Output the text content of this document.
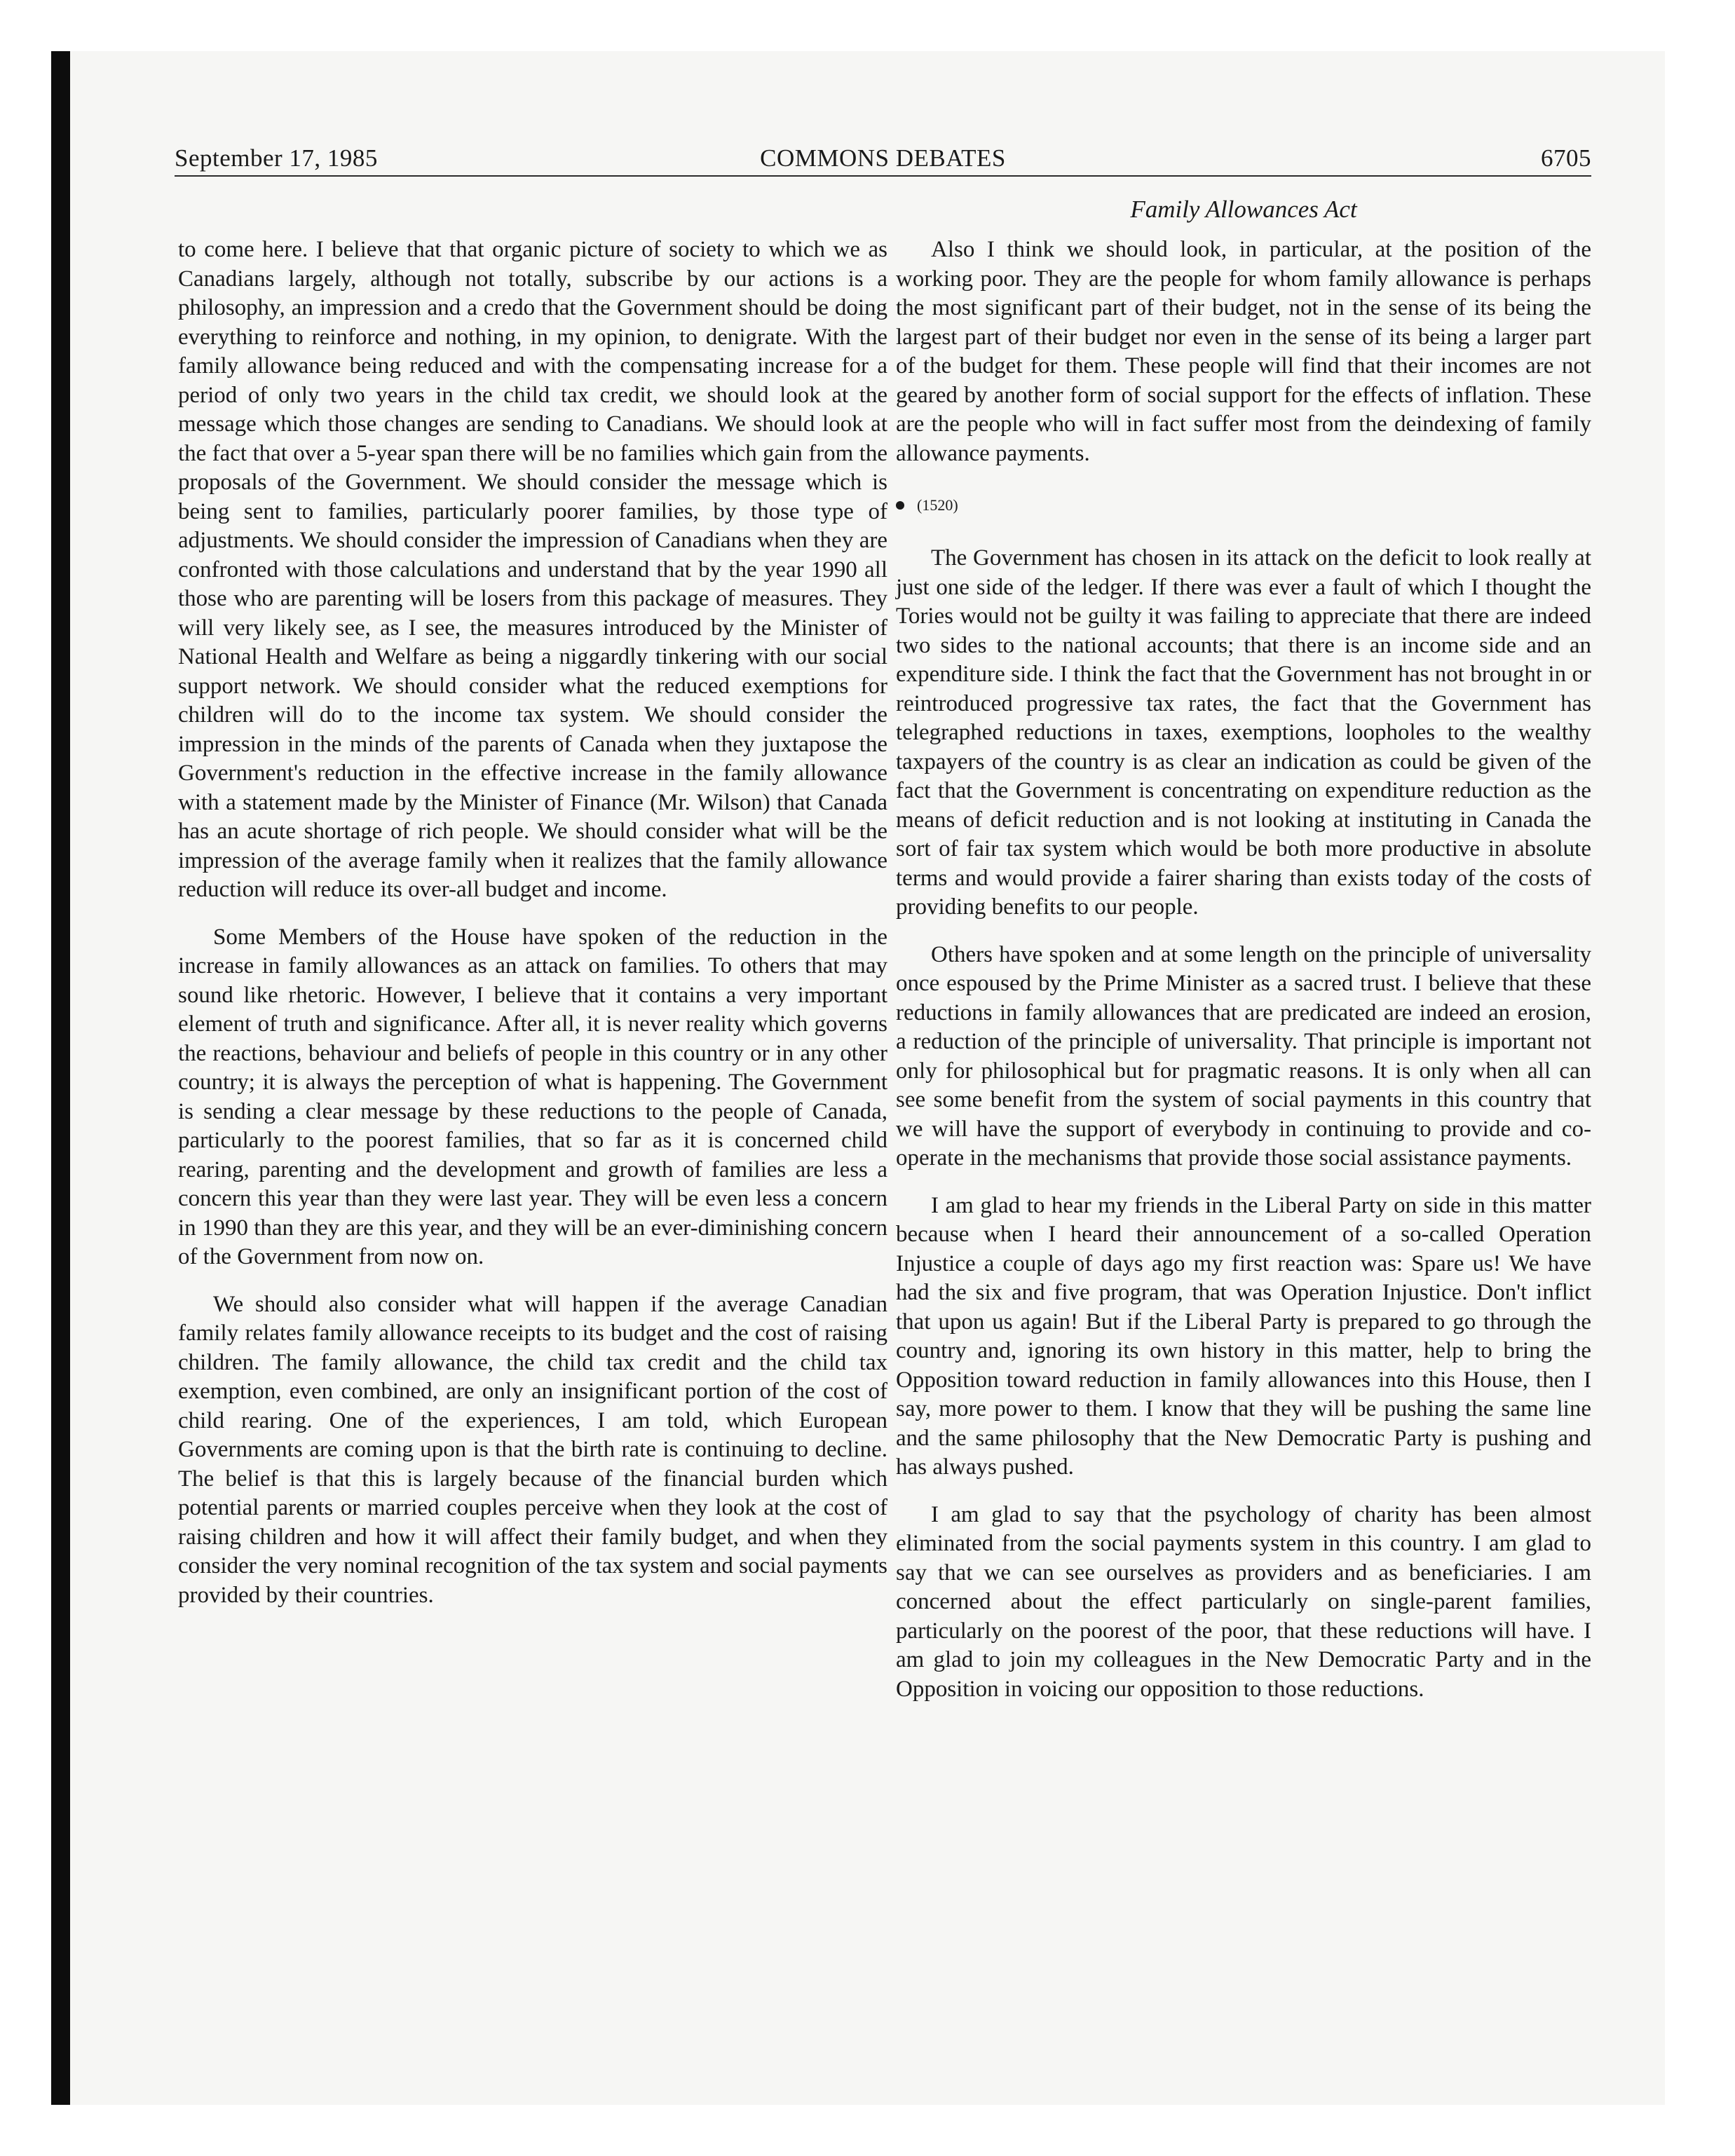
September 17, 1985	COMMONS DEBATES	6705
Family Allowances Act

to come here. I believe that that organic picture of society to which we as Canadians largely, although not totally, subscribe by our actions is a philosophy, an impression and a credo that the Government should be doing everything to reinforce and nothing, in my opinion, to denigrate. With the family allowance being reduced and with the compensating increase for a period of only two years in the child tax credit, we should look at the message which those changes are sending to Canadians. We should look at the fact that over a 5-year span there will be no families which gain from the proposals of the Government. We should consider the message which is being sent to families, particularly poorer families, by those type of adjustments. We should consider the impression of Canadians when they are confronted with those calculations and understand that by the year 1990 all those who are parenting will be losers from this package of measures. They will very likely see, as I see, the measures introduced by the Minister of National Health and Welfare as being a niggardly tinkering with our social support network. We should consider what the reduced exemptions for children will do to the income tax system. We should consider the impression in the minds of the parents of Canada when they juxtapose the Government's reduction in the effective increase in the family allowance with a statement made by the Minister of Finance (Mr. Wilson) that Canada has an acute shortage of rich people. We should consider what will be the impression of the average family when it realizes that the family allowance reduction will reduce its over-all budget and income.

Some Members of the House have spoken of the reduction in the increase in family allowances as an attack on families. To others that may sound like rhetoric. However, I believe that it contains a very important element of truth and significance. After all, it is never reality which governs the reactions, behaviour and beliefs of people in this country or in any other country; it is always the perception of what is happening. The Government is sending a clear message by these reductions to the people of Canada, particularly to the poorest families, that so far as it is concerned child rearing, parenting and the development and growth of families are less a concern this year than they were last year. They will be even less a concern in 1990 than they are this year, and they will be an ever-diminishing concern of the Government from now on.

We should also consider what will happen if the average Canadian family relates family allowance receipts to its budget and the cost of raising children. The family allowance, the child tax credit and the child tax exemption, even combined, are only an insignificant portion of the cost of child rearing. One of the experiences, I am told, which European Governments are coming upon is that the birth rate is continuing to decline. The belief is that this is largely because of the financial burden which potential parents or married couples perceive when they look at the cost of raising children and how it will affect their family budget, and when they consider the very nominal recognition of the tax system and social payments provided by their countries.

Also I think we should look, in particular, at the position of the working poor. They are the people for whom family allowance is perhaps the most significant part of their budget, not in the sense of its being the largest part of their budget nor even in the sense of its being a larger part of the budget for them. These people will find that their incomes are not geared by another form of social support for the effects of inflation. These are the people who will in fact suffer most from the deindexing of family allowance payments.

(1520)

The Government has chosen in its attack on the deficit to look really at just one side of the ledger. If there was ever a fault of which I thought the Tories would not be guilty it was failing to appreciate that there are indeed two sides to the national accounts; that there is an income side and an expenditure side. I think the fact that the Government has not brought in or reintroduced progressive tax rates, the fact that the Government has telegraphed reductions in taxes, exemptions, loopholes to the wealthy taxpayers of the country is as clear an indication as could be given of the fact that the Government is concentrating on expenditure reduction as the means of deficit reduction and is not looking at instituting in Canada the sort of fair tax system which would be both more productive in absolute terms and would provide a fairer sharing than exists today of the costs of providing benefits to our people.

Others have spoken and at some length on the principle of universality once espoused by the Prime Minister as a sacred trust. I believe that these reductions in family allowances that are predicated are indeed an erosion, a reduction of the principle of universality. That principle is important not only for philosophical but for pragmatic reasons. It is only when all can see some benefit from the system of social payments in this country that we will have the support of everybody in continuing to provide and co-operate in the mechanisms that provide those social assistance payments.

I am glad to hear my friends in the Liberal Party on side in this matter because when I heard their announcement of a so-called Operation Injustice a couple of days ago my first reaction was: Spare us! We have had the six and five program, that was Operation Injustice. Don't inflict that upon us again! But if the Liberal Party is prepared to go through the country and, ignoring its own history in this matter, help to bring the Opposition toward reduction in family allowances into this House, then I say, more power to them. I know that they will be pushing the same line and the same philosophy that the New Democratic Party is pushing and has always pushed.

I am glad to say that the psychology of charity has been almost eliminated from the social payments system in this country. I am glad to say that we can see ourselves as providers and as beneficiaries. I am concerned about the effect particularly on single-parent families, particularly on the poorest of the poor, that these reductions will have. I am glad to join my colleagues in the New Democratic Party and in the Opposition in voicing our opposition to those reductions.
